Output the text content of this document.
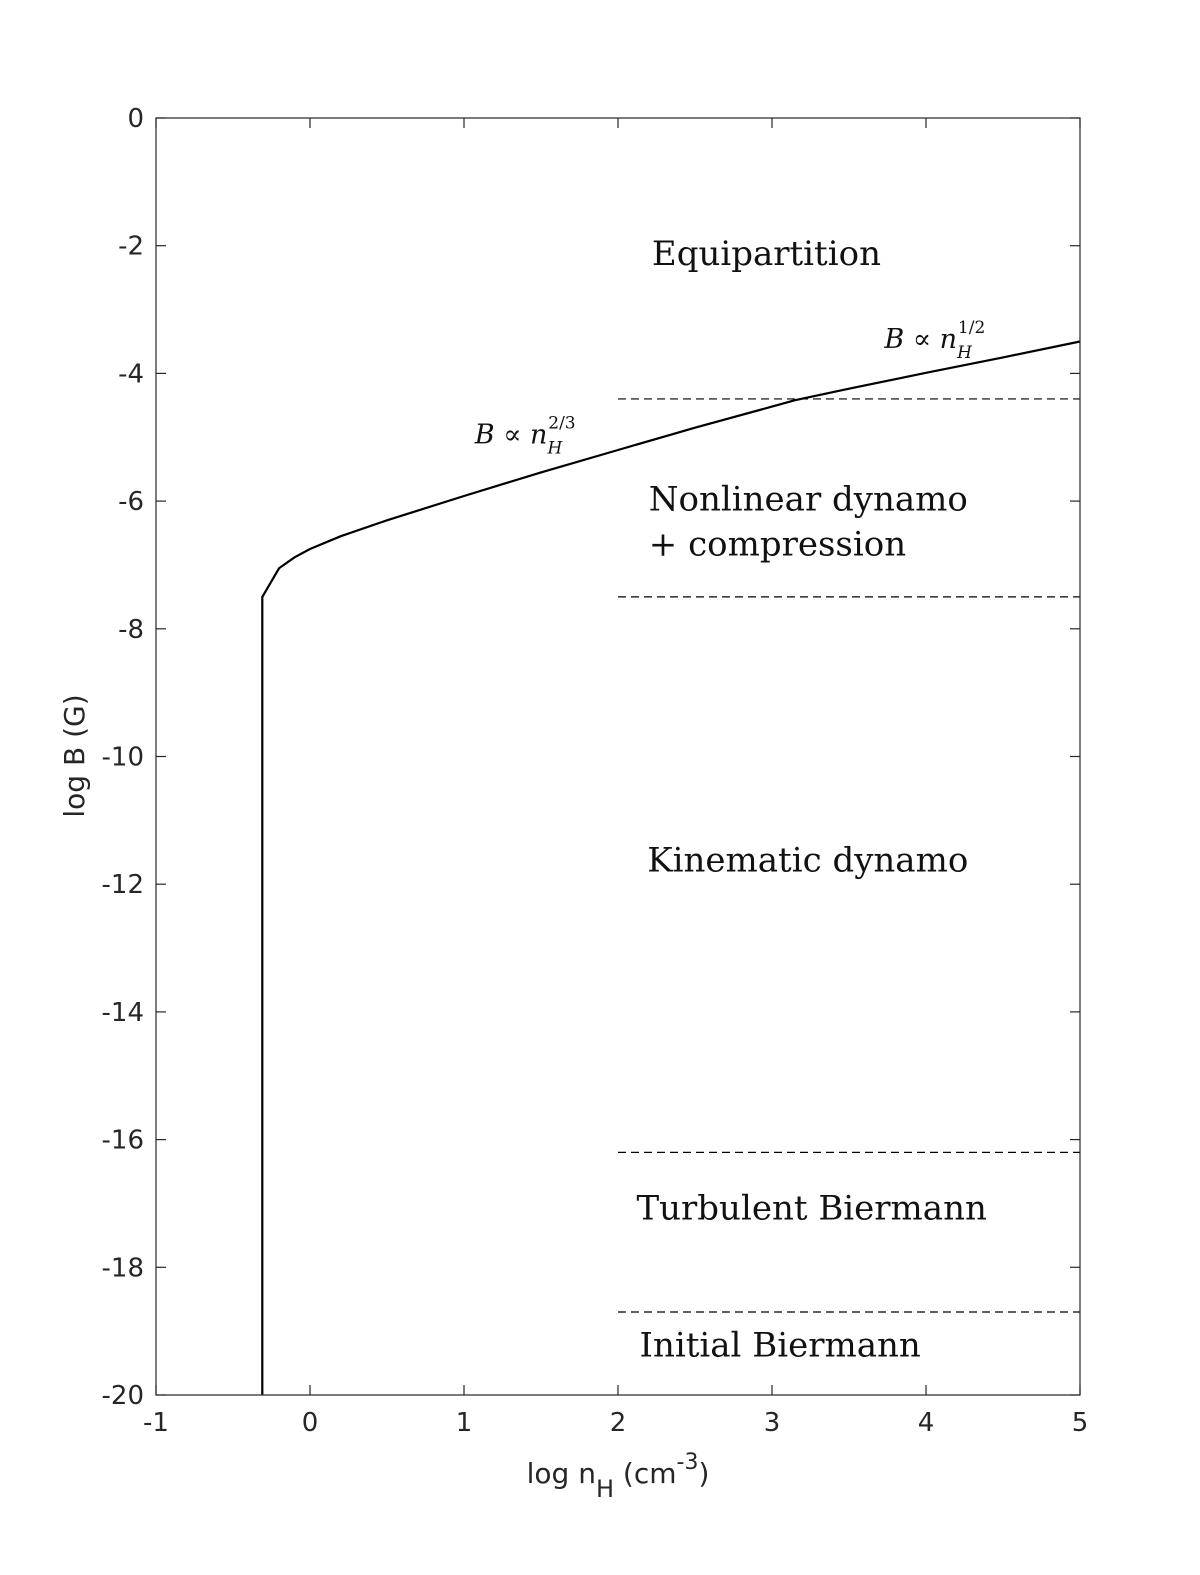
-1	0	1	2	3	4	5
0
-2
-4
-6
-8
-10
-12
-14
-16
-18
-20
log nH $(cm^{-3})$
log B (G)
Equipartition
Nonlinear dynamo
+ compression
Kinematic dynamo
Turbulent Biermann
Initial Biermann
$B \propto n_H2/3$
$B \propto n_H1/2$
